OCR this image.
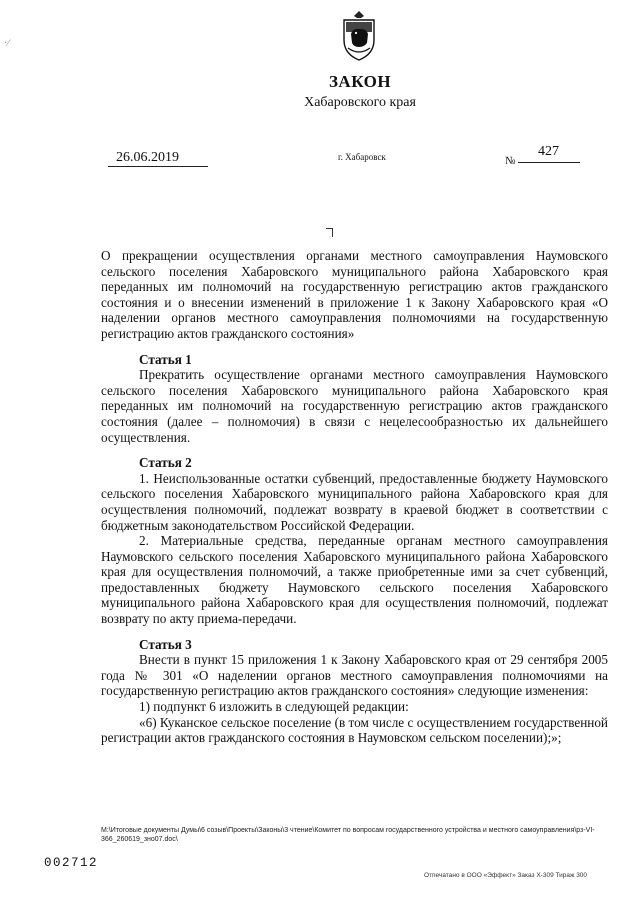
·∕
ЗАКОН
Хабаровского края
26.06.2019	г. Хабаровск	№
427

О прекращении осуществления органами местного самоуправления Наумовского сельского поселения Хабаровского муниципального района Хабаровского края переданных им полномочий на государственную регистрацию актов гражданского состояния и о внесении изменений в приложение 1 к Закону Хабаровского края «О наделении органов местного самоуправления полномочиями на государственную регистрацию актов гражданского состояния»

Статья 1

Прекратить осуществление органами местного самоуправления Наумовского сельского поселения Хабаровского муниципального района Хабаровского края переданных им полномочий на государственную регистрацию актов гражданского состояния (далее – полномочия) в связи с нецелесообразностью их дальнейшего осуществления.

Статья 2

1. Неиспользованные остатки субвенций, предоставленные бюджету Наумовского сельского поселения Хабаровского муниципального района Хабаровского края для осуществления полномочий, подлежат возврату в краевой бюджет в соответствии с бюджетным законодательством Российской Федерации.

2. Материальные средства, переданные органам местного самоуправления Наумовского сельского поселения Хабаровского муниципального района Хабаровского края для осуществления полномочий, а также приобретенные ими за счет субвенций, предоставленных бюджету Наумовского сельского поселения Хабаровского муниципального района Хабаровского края для осуществления полномочий, подлежат возврату по акту приема-передачи.

Статья 3

Внести в пункт 15 приложения 1 к Закону Хабаровского края от 29 сентября 2005 года № 301 «О наделении органов местного самоуправления полномочиями на государственную регистрацию актов гражданского состояния» следующие изменения:

1) подпункт 6 изложить в следующей редакции:

«6) Куканское сельское поселение (в том числе с осуществлением государственной регистрации актов гражданского состояния в Наумовском сельском поселении);»;

M:\Итоговые документы Думы\6 созыв\Проекты\Законы\3 чтение\Комитет по вопросам государственного устройства и местного самоуправления\рз-VI-366_260619_зно07.doc\
002712
Отпечатано в ООО «Эффект» Заказ X-309 Тираж 300
